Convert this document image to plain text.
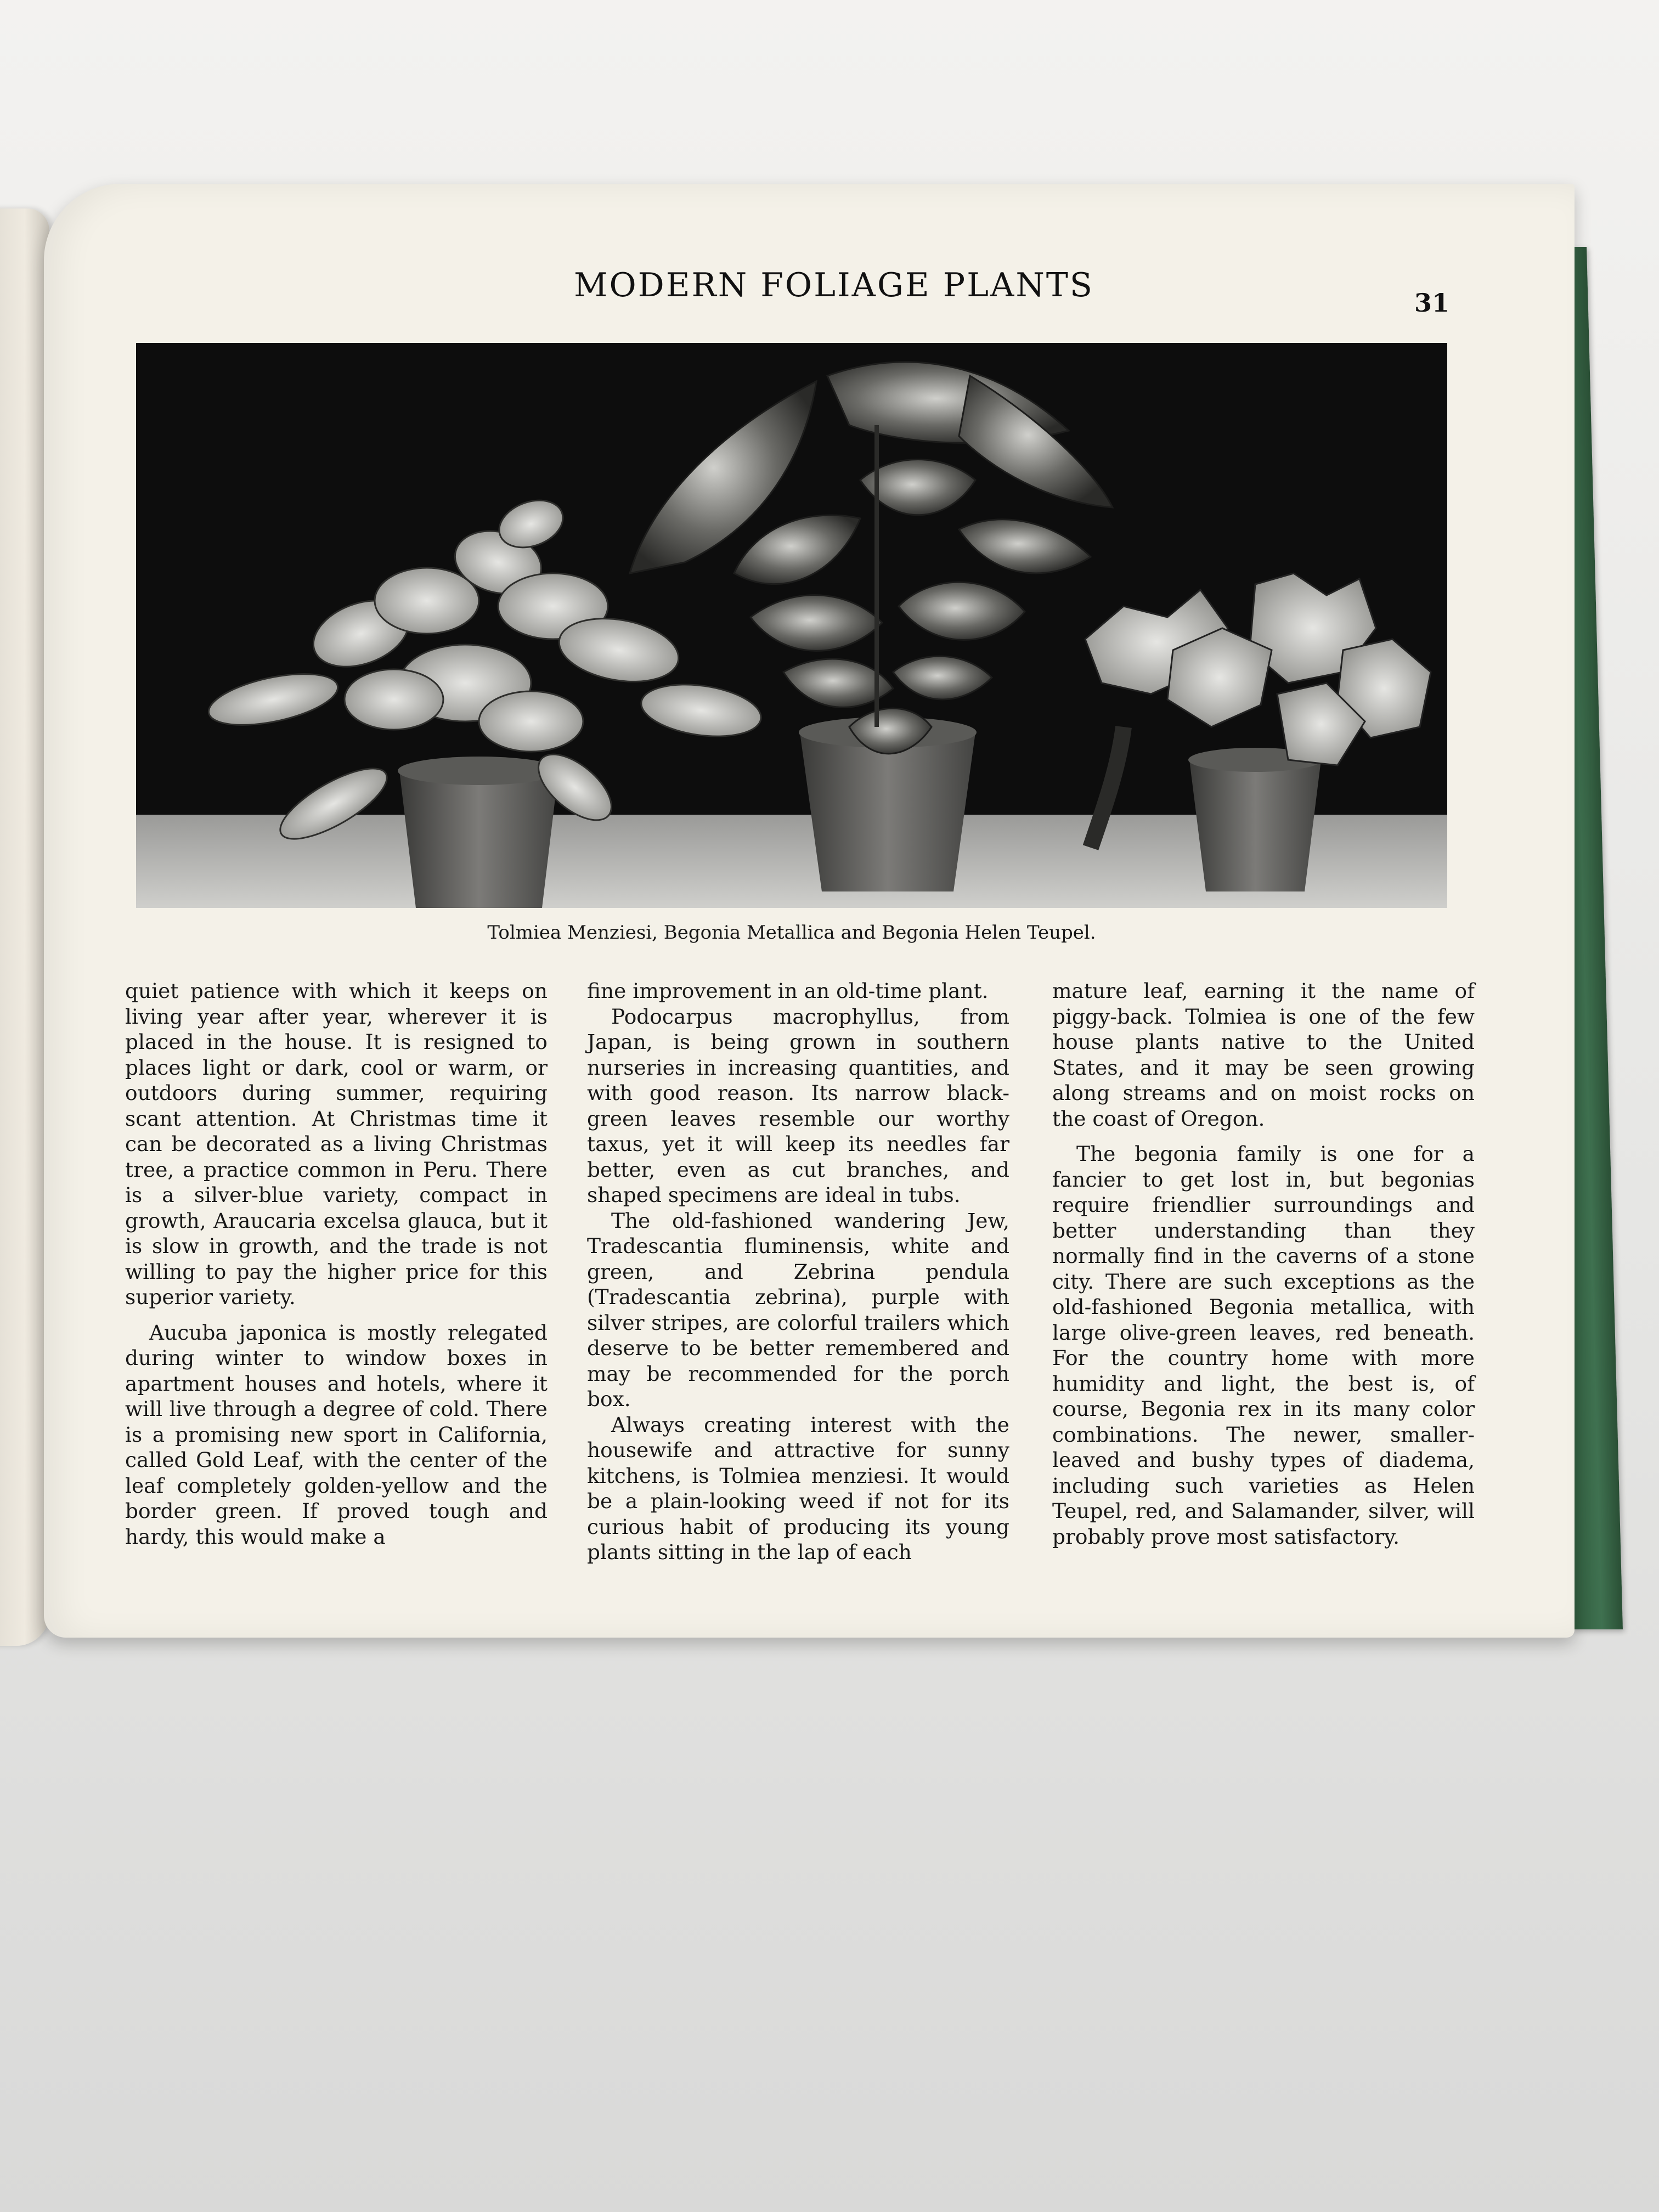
MODERN FOLIAGE PLANTS	31
Tolmiea Menziesi, Begonia Metallica and Begonia Helen Teupel.

quiet patience with which it keeps on living year after year, wherever it is placed in the house. It is resigned to places light or dark, cool or warm, or outdoors during summer, requiring scant attention. At Christmas time it can be decorated as a living Christmas tree, a practice common in Peru. There is a silver-blue variety, compact in growth, Araucaria excelsa glauca, but it is slow in growth, and the trade is not willing to pay the higher price for this superior variety.

Aucuba japonica is mostly relegated during winter to window boxes in apartment houses and hotels, where it will live through a degree of cold. There is a promising new sport in California, called Gold Leaf, with the center of the leaf completely golden-yellow and the border green. If proved tough and hardy, this would make a

fine improvement in an old-time plant.

Podocarpus macrophyllus, from Japan, is being grown in southern nurseries in increasing quantities, and with good reason. Its narrow black-green leaves resemble our worthy taxus, yet it will keep its needles far better, even as cut branches, and shaped specimens are ideal in tubs.

The old-fashioned wandering Jew, Tradescantia fluminensis, white and green, and Zebrina pendula (Tradescantia zebrina), purple with silver stripes, are colorful trailers which deserve to be better remembered and may be recommended for the porch box.

Always creating interest with the housewife and attractive for sunny kitchens, is Tolmiea menziesi. It would be a plain-looking weed if not for its curious habit of producing its young plants sitting in the lap of each

mature leaf, earning it the name of piggy-back. Tolmiea is one of the few house plants native to the United States, and it may be seen growing along streams and on moist rocks on the coast of Oregon.

The begonia family is one for a fancier to get lost in, but begonias require friendlier surroundings and better understanding than they normally find in the caverns of a stone city. There are such exceptions as the old-fashioned Begonia metallica, with large olive-green leaves, red beneath. For the country home with more humidity and light, the best is, of course, Begonia rex in its many color combinations. The newer, smaller-leaved and bushy types of diadema, including such varieties as Helen Teupel, red, and Salamander, silver, will probably prove most satisfactory.
